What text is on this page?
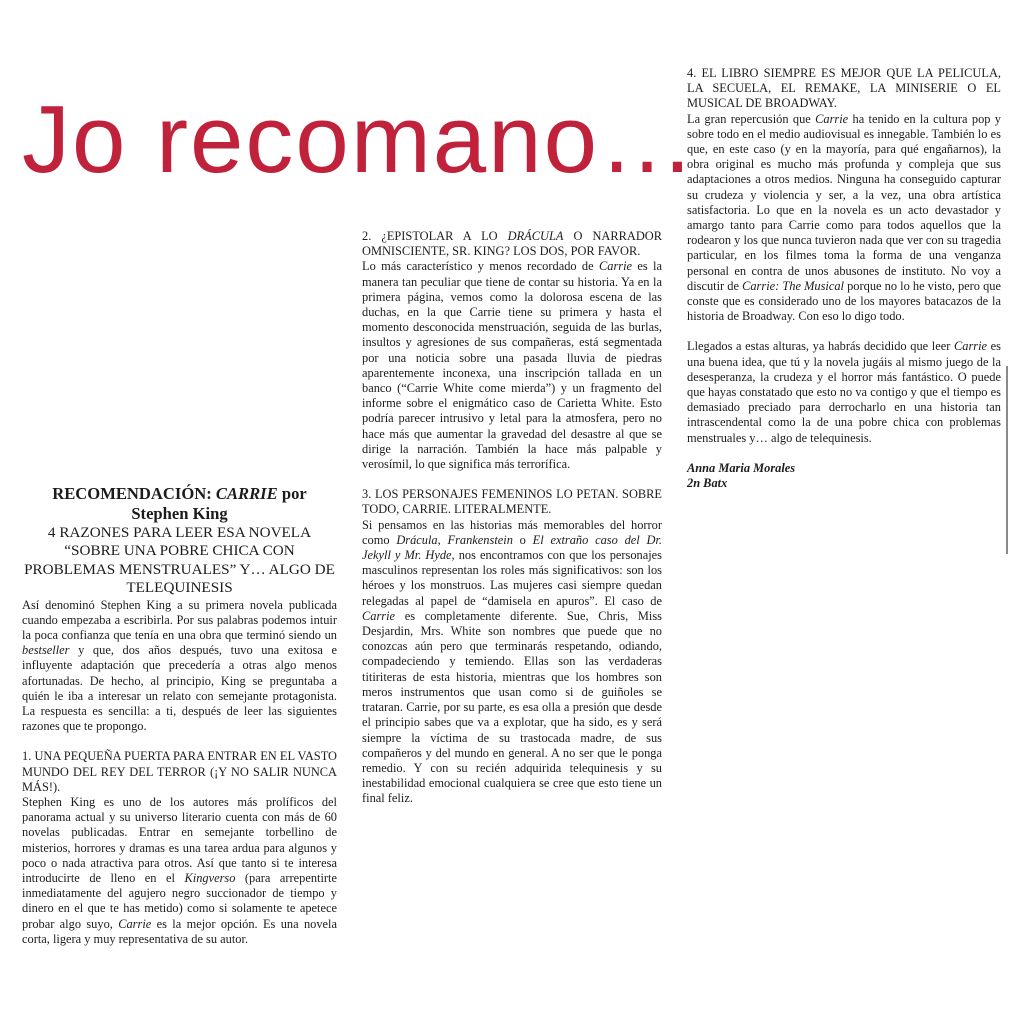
Jo recomano…

RECOMENDACIÓN: CARRIE por Stephen King

4 RAZONES PARA LEER ESA NOVELA “SOBRE UNA POBRE CHICA CON PROBLEMAS MENSTRUALES” Y… ALGO DE TELEQUINESIS

Así denominó Stephen King a su primera novela publicada cuando empezaba a escribirla. Por sus palabras podemos intuir la poca confianza que tenía en una obra que terminó siendo un bestseller y que, dos años después, tuvo una exitosa e influyente adaptación que precedería a otras algo menos afortunadas. De hecho, al principio, King se preguntaba a quién le iba a interesar un relato con semejante protagonista. La respuesta es sencilla: a ti, después de leer las siguientes razones que te propongo.

1. UNA PEQUEÑA PUERTA PARA ENTRAR EN EL VASTO MUNDO DEL REY DEL TERROR (¡Y NO SALIR NUNCA MÁS!).

Stephen King es uno de los autores más prolíficos del panorama actual y su universo literario cuenta con más de 60 novelas publicadas. Entrar en semejante torbellino de misterios, horrores y dramas es una tarea ardua para algunos y poco o nada atractiva para otros. Así que tanto si te interesa introducirte de lleno en el Kingverso (para arrepentirte inmediatamente del agujero negro succionador de tiempo y dinero en el que te has metido) como si solamente te apetece probar algo suyo, Carrie es la mejor opción. Es una novela corta, ligera y muy representativa de su autor.

2. ¿EPISTOLAR A LO DRÁCULA O NARRADOR OMNISCIENTE, SR. KING? LOS DOS, POR FAVOR.

Lo más característico y menos recordado de Carrie es la manera tan peculiar que tiene de contar su historia. Ya en la primera página, vemos como la dolorosa escena de las duchas, en la que Carrie tiene su primera y hasta el momento desconocida menstruación, seguida de las burlas, insultos y agresiones de sus compañeras, está segmentada por una noticia sobre una pasada lluvia de piedras aparentemente inconexa, una inscripción tallada en un banco (“Carrie White come mierda”) y un fragmento del informe sobre el enigmático caso de Carietta White. Esto podría parecer intrusivo y letal para la atmosfera, pero no hace más que aumentar la gravedad del desastre al que se dirige la narración. También la hace más palpable y verosímil, lo que significa más terrorífica.

3. LOS PERSONAJES FEMENINOS LO PETAN. SOBRE TODO, CARRIE. LITERALMENTE.

Si pensamos en las historias más memorables del horror como Drácula, Frankenstein o El extraño caso del Dr. Jekyll y Mr. Hyde, nos encontramos con que los personajes masculinos representan los roles más significativos: son los héroes y los monstruos. Las mujeres casi siempre quedan relegadas al papel de “damisela en apuros”. El caso de Carrie es completamente diferente. Sue, Chris, Miss Desjardin, Mrs. White son nombres que puede que no conozcas aún pero que terminarás respetando, odiando, compadeciendo y temiendo. Ellas son las verdaderas titiriteras de esta historia, mientras que los hombres son meros instrumentos que usan como si de guiñoles se trataran. Carrie, por su parte, es esa olla a presión que desde el principio sabes que va a explotar, que ha sido, es y será siempre la víctima de su trastocada madre, de sus compañeros y del mundo en general. A no ser que le ponga remedio. Y con su recién adquirida telequinesis y su inestabilidad emocional cualquiera se cree que esto tiene un final feliz.

4. EL LIBRO SIEMPRE ES MEJOR QUE LA PELICULA, LA SECUELA, EL REMAKE, LA MINISERIE O EL MUSICAL DE BROADWAY.

La gran repercusión que Carrie ha tenido en la cultura pop y sobre todo en el medio audiovisual es innegable. También lo es que, en este caso (y en la mayoría, para qué engañarnos), la obra original es mucho más profunda y compleja que sus adaptaciones a otros medios. Ninguna ha conseguido capturar su crudeza y violencia y ser, a la vez, una obra artística satisfactoria. Lo que en la novela es un acto devastador y amargo tanto para Carrie como para todos aquellos que la rodearon y los que nunca tuvieron nada que ver con su tragedia particular, en los filmes toma la forma de una venganza personal en contra de unos abusones de instituto. No voy a discutir de Carrie: The Musical porque no lo he visto, pero que conste que es considerado uno de los mayores batacazos de la historia de Broadway. Con eso lo digo todo.

Llegados a estas alturas, ya habrás decidido que leer Carrie es una buena idea, que tú y la novela jugáis al mismo juego de la desesperanza, la crudeza y el horror más fantástico. O puede que hayas constatado que esto no va contigo y que el tiempo es demasiado preciado para derrocharlo en una historia tan intrascendental como la de una pobre chica con problemas menstruales y… algo de telequinesis.

Anna Maria Morales

2n Batx
